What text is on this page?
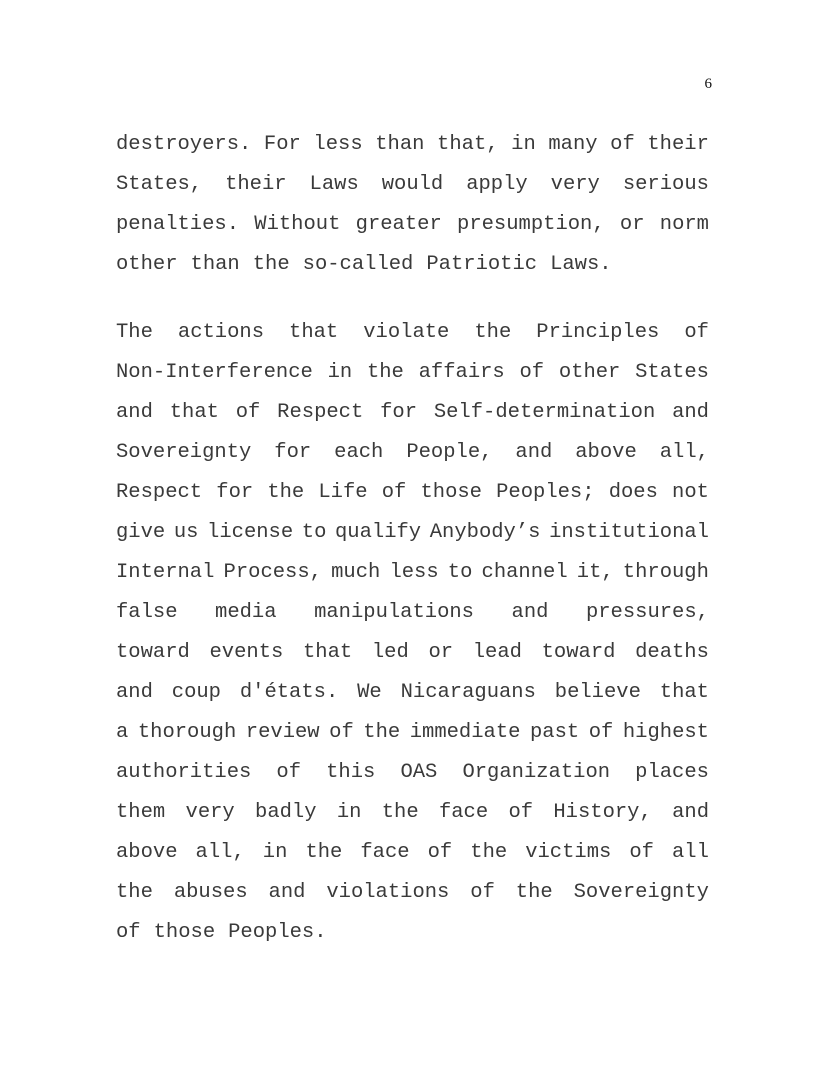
6
destroyers. For less than that, in many of their
States, their Laws would apply very serious
penalties. Without greater presumption, or norm
other than the so-called Patriotic Laws.
The actions that violate the Principles of
Non-Interference in the affairs of other States
and that of Respect for Self-determination and
Sovereignty for each People, and above all,
Respect for the Life of those Peoples; does not
give us license to qualify Anybody’s institutional
Internal Process, much less to channel it, through
false media manipulations and pressures,
toward events that led or lead toward deaths
and coup d'états. We Nicaraguans believe that
a thorough review of the immediate past of highest
authorities of this OAS Organization places
them very badly in the face of History, and
above all, in the face of the victims of all
the abuses and violations of the Sovereignty
of those Peoples.
